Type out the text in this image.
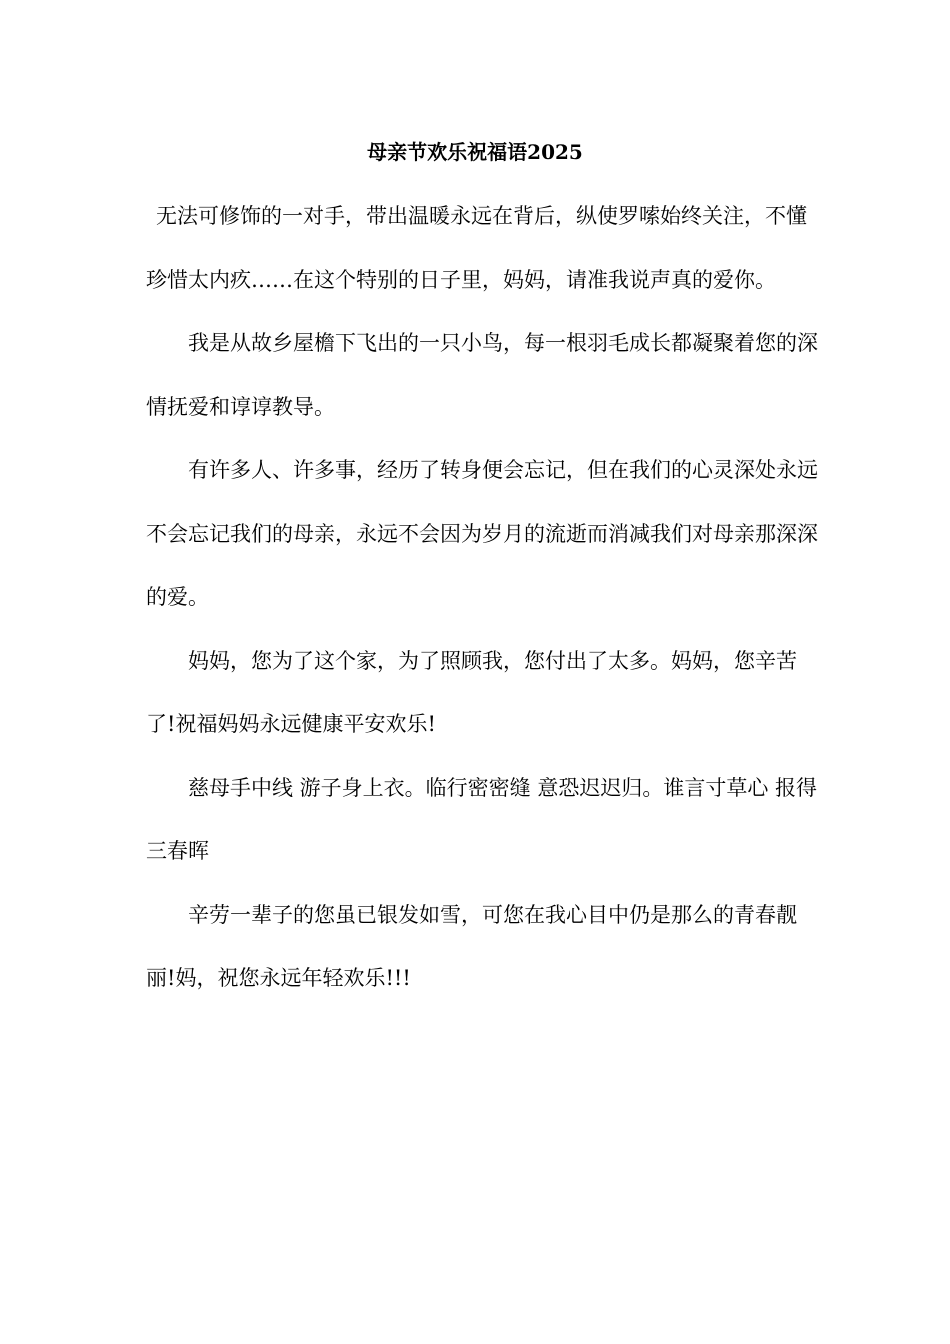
母亲节欢乐祝福语2025

无法可修饰的一对手，带出温暖永远在背后，纵使罗嗦始终关注，不懂珍惜太内疚……在这个特别的日子里，妈妈，请准我说声真的爱你。

我是从故乡屋檐下飞出的一只小鸟，每一根羽毛成长都凝聚着您的深情抚爱和谆谆教导。

有许多人、许多事，经历了转身便会忘记，但在我们的心灵深处永远不会忘记我们的母亲，永远不会因为岁月的流逝而消减我们对母亲那深深的爱。

妈妈，您为了这个家，为了照顾我，您付出了太多。妈妈，您辛苦了!祝福妈妈永远健康平安欢乐!

慈母手中线 游子身上衣。临行密密缝 意恐迟迟归。谁言寸草心 报得三春晖

辛劳一辈子的您虽已银发如雪，可您在我心目中仍是那么的青春靓丽!妈，祝您永远年轻欢乐!!!
